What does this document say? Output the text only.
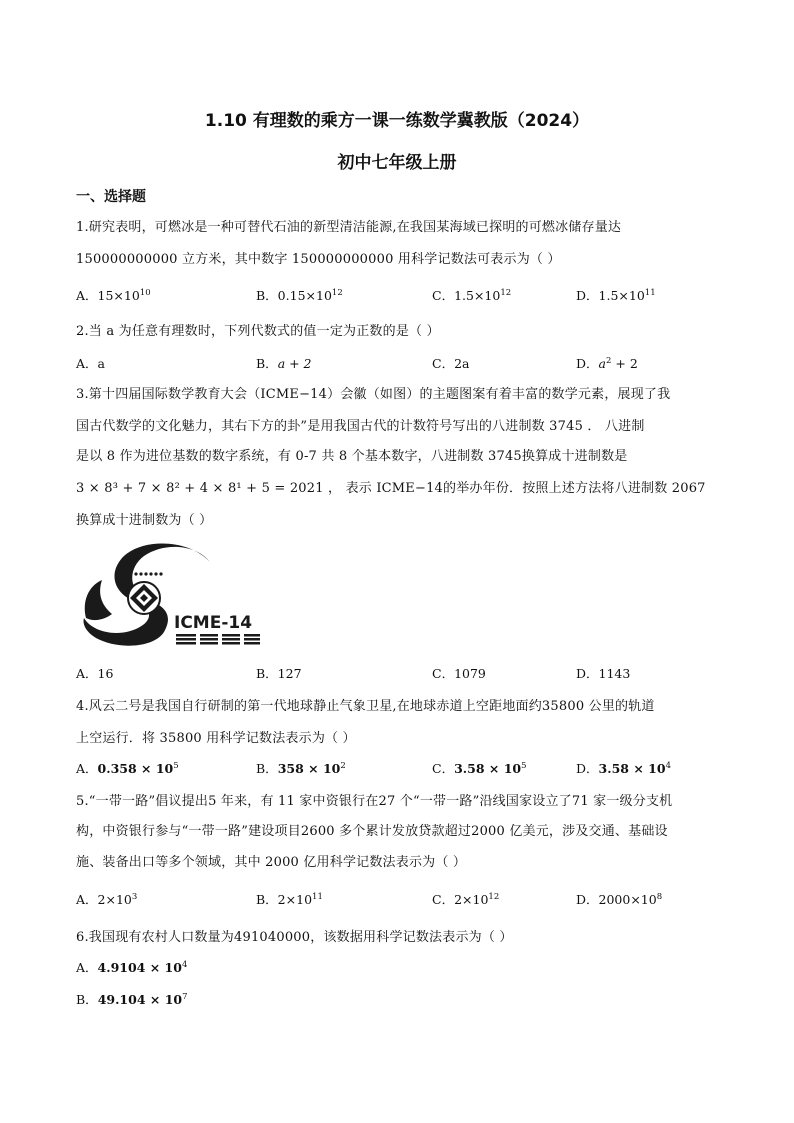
1.10 有理数的乘方一课一练数学冀教版（2024）
初中七年级上册
一、选择题
1.研究表明，可燃冰是一种可替代石油的新型清洁能源,在我国某海域已探明的可燃冰储存量达
150000000000 立方米，其中数字 150000000000 用科学记数法可表示为（ ）
A．$15\times 10^{10}$	B．$0.15\times 10^{12}$	C．$1.5\times 10^{12}$	D．$1.5\times 10^{11}$
2.当 a 为任意有理数时，下列代数式的值一定为正数的是（ ）
A．a	B．a + 2	C．2a	D．$a^2 + 2$
3.第十四届国际数学教育大会（ICME−14）会徽（如图）的主题图案有着丰富的数学元素，展现了我
国古代数学的文化魅力，其右下方的卦”是用我国古代的计数符号写出的八进制数 3745 ． 八进制
是以 8 作为进位基数的数字系统，有 0-7 共 8 个基本数字，八进制数 3745换算成十进制数是
3 × 8³ + 7 × 8² + 4 × 8¹ + 5 = 2021 ， 表示 ICME−14的举办年份．按照上述方法将八进制数 2067
换算成十进制数为（ ）
ICME-14
A．16	B．127	C．1079	D．1143
4.风云二号是我国自行研制的第一代地球静止气象卫星,在地球赤道上空距地面约35800 公里的轨道
上空运行．将 35800 用科学记数法表示为（ ）
A．$0.358 \times 10^5$	B．$358 \times 10^2$	C．$3.58 \times 10^5$	D．$3.58 \times 10^4$
5.“一带一路”倡议提出5 年来，有 11 家中资银行在27 个“一带一路”沿线国家设立了71 家一级分支机
构，中资银行参与“一带一路”建设项目2600 多个累计发放贷款超过2000 亿美元，涉及交通、基础设
施、装备出口等多个领域，其中 2000 亿用科学记数法表示为（ ）
A．$2\times 10^3$	B．$2\times 10^{11}$	C．$2\times 10^{12}$	D．$2000\times 10^8$
6.我国现有农村人口数量为491040000，该数据用科学记数法表示为（ ）
A．$4.9104 \times 10^4$
B．$49.104 \times 10^7$
